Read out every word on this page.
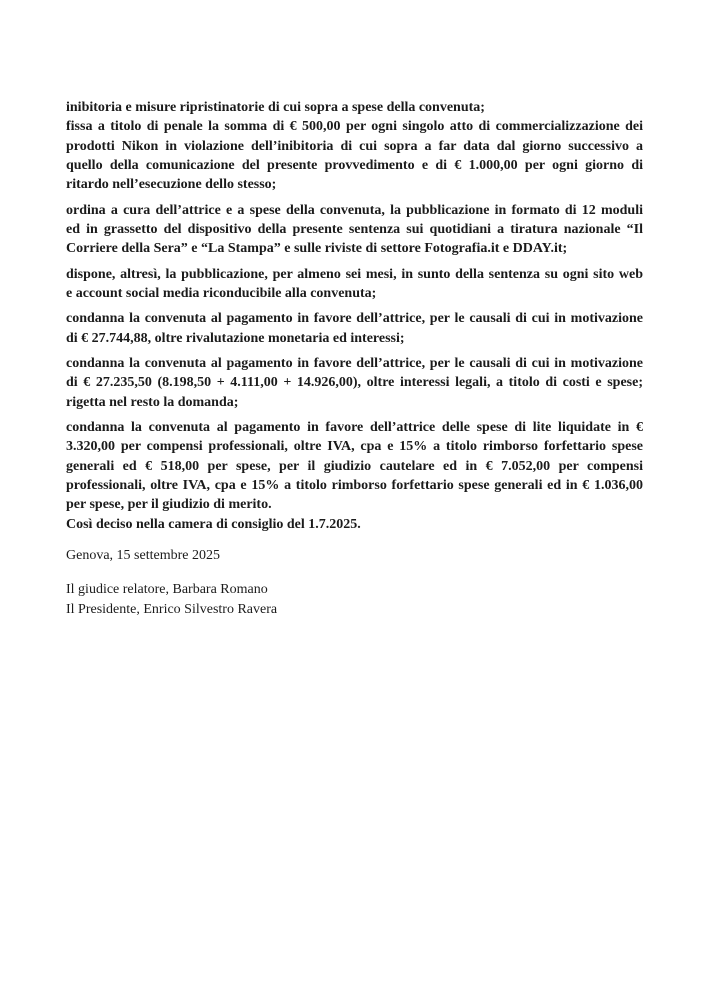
inibitoria e misure ripristinatorie di cui sopra a spese della convenuta;
fissa a titolo di penale la somma di € 500,00 per ogni singolo atto di commercializzazione dei
prodotti Nikon in violazione dell’inibitoria di cui sopra a far data dal giorno successivo a
quello della comunicazione del presente provvedimento e di € 1.000,00 per ogni giorno di
ritardo nell’esecuzione dello stesso;
ordina a cura dell’attrice e a spese della convenuta, la pubblicazione in formato di 12 moduli
ed in grassetto del dispositivo della presente sentenza sui quotidiani a tiratura nazionale “Il
Corriere della Sera” e “La Stampa” e sulle riviste di settore Fotografia.it e DDAY.it;
dispone, altresì, la pubblicazione, per almeno sei mesi, in sunto della sentenza su ogni sito web
e account social media riconducibile alla convenuta;
condanna la convenuta al pagamento in favore dell’attrice, per le causali di cui in motivazione
di € 27.744,88, oltre rivalutazione monetaria ed interessi;
condanna la convenuta al pagamento in favore dell’attrice, per le causali di cui in motivazione
di € 27.235,50 (8.198,50 + 4.111,00 + 14.926,00), oltre interessi legali, a titolo di costi e spese;
rigetta nel resto la domanda;
condanna la convenuta al pagamento in favore dell’attrice delle spese di lite liquidate in €
3.320,00 per compensi professionali, oltre IVA, cpa e 15% a titolo rimborso forfettario spese
generali ed € 518,00 per spese, per il giudizio cautelare ed in € 7.052,00 per compensi
professionali, oltre IVA, cpa e 15% a titolo rimborso forfettario spese generali ed in € 1.036,00
per spese, per il giudizio di merito.
Così deciso nella camera di consiglio del 1.7.2025.
Genova, 15 settembre 2025
Il giudice relatore, Barbara Romano
Il Presidente, Enrico Silvestro Ravera
